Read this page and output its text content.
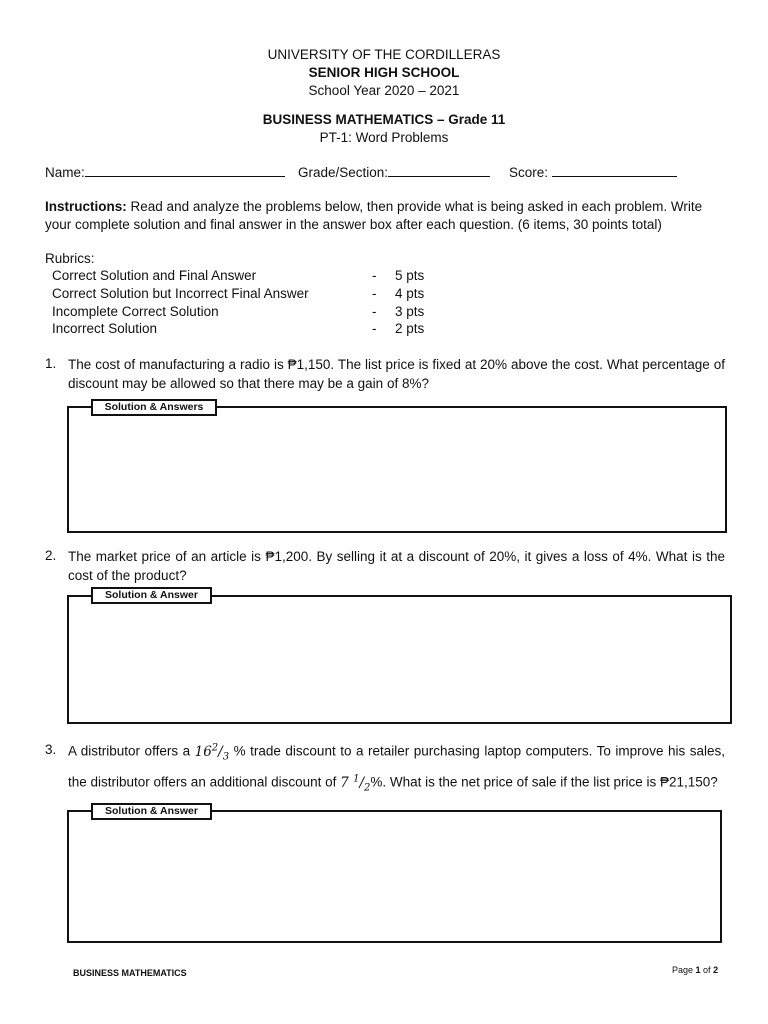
UNIVERSITY OF THE CORDILLERAS
SENIOR HIGH SCHOOL
School Year 2020 – 2021
BUSINESS MATHEMATICS – Grade 11
PT-1: Word Problems
Name:	Grade/Section:	Score:
Instructions: Read and analyze the problems below, then provide what is being asked in each problem. Write your complete solution and final answer in the answer box after each question. (6 items, 30 points total)
Rubrics:
Correct Solution and Final Answer	- 5 pts
Correct Solution but Incorrect Final Answer	- 4 pts
Incomplete Correct Solution	- 3 pts
Incorrect Solution	- 2 pts
1. The cost of manufacturing a radio is ₱1,150. The list price is fixed at 20% above the cost. What percentage of discount may be allowed so that there may be a gain of 8%?
Solution & Answers
2. The market price of an article is ₱1,200. By selling it at a discount of 20%, it gives a loss of 4%. What is the cost of the product?
Solution & Answer
3. A distributor offers a $16^2/_3$ % trade discount to a retailer purchasing laptop computers. To improve his sales, the distributor offers an additional discount of 7 $^1/_2\%$. What is the net price of sale if the list price is ₱21,150?
Solution & Answer
BUSINESS MATHEMATICS	Page 1 of 2
